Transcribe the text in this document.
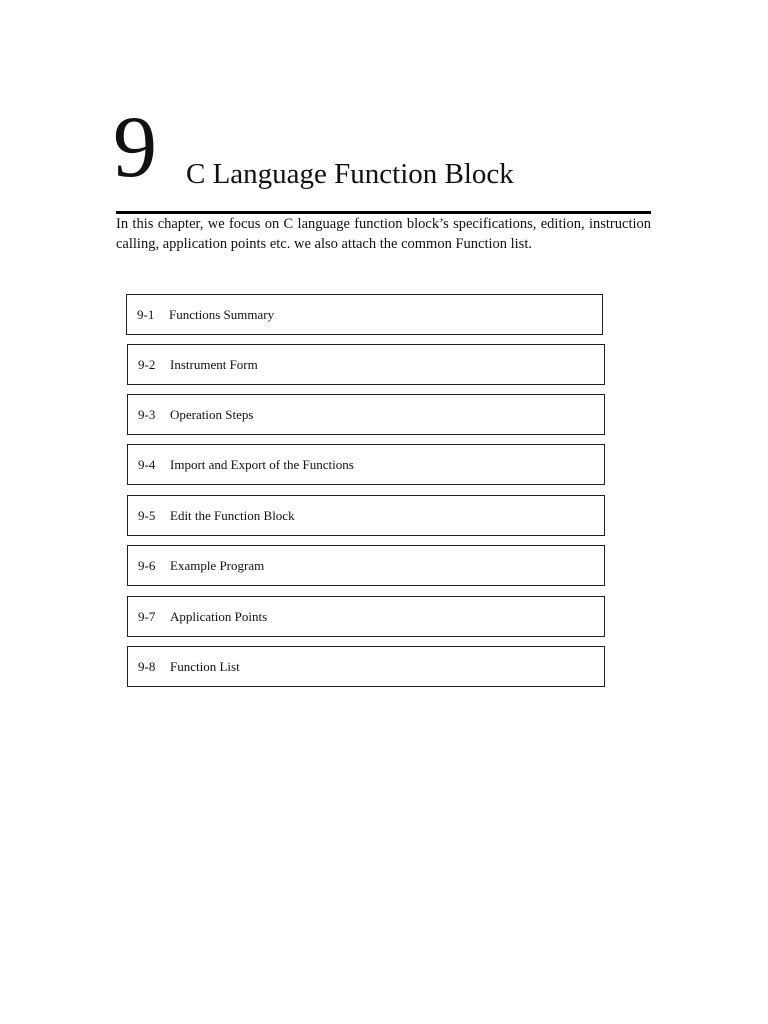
9 C Language Function Block

In this chapter, we focus on C language function block’s specifications, edition, instruction calling, application points etc. we also attach the common Function list.

9-1	Functions Summary
9-2	Instrument Form
9-3	Operation Steps
9-4	Import and Export of the Functions
9-5	Edit the Function Block
9-6	Example Program
9-7	Application Points
9-8	Function List
